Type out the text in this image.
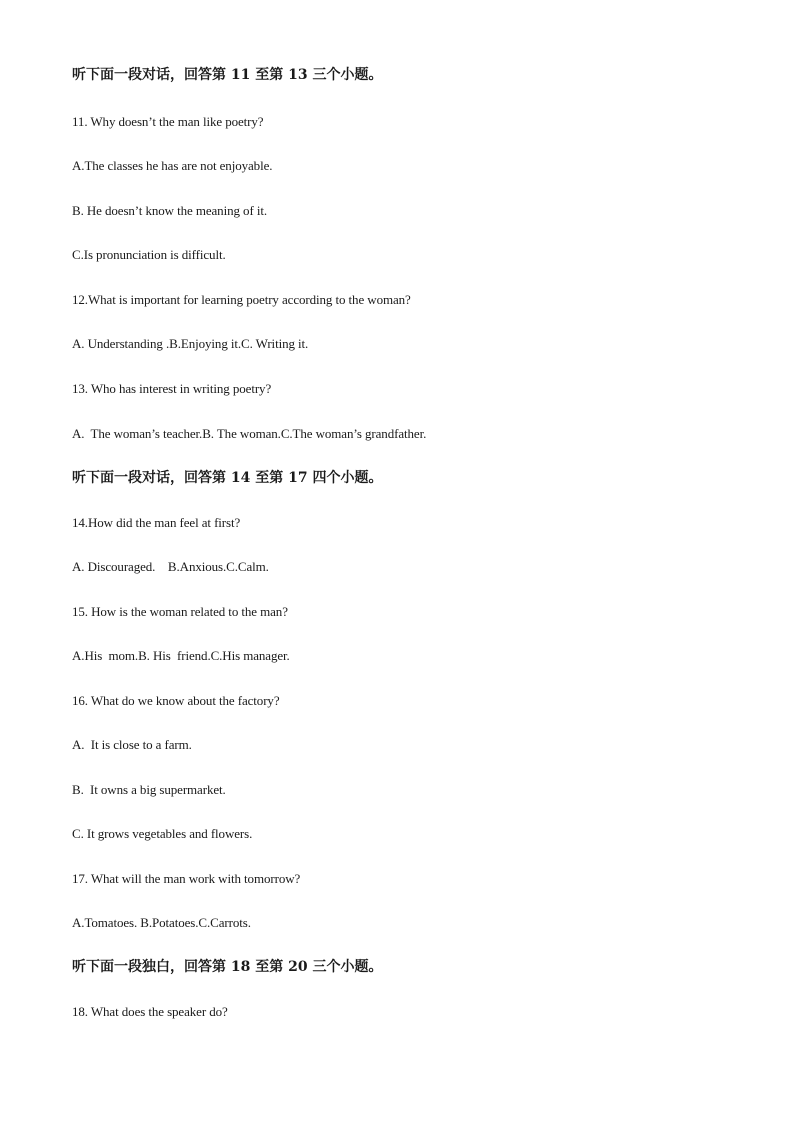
听下面一段对话，回答第 11 至第 13 三个小题。
11. Why doesn’t the man like poetry?
A.The classes he has are not enjoyable.
B. He doesn’t know the meaning of it.
C.Is pronunciation is difficult.
12.What is important for learning poetry according to the woman?
A. Understanding .B.Enjoying it.C. Writing it.
13. Who has interest in writing poetry?
A.  The woman’s teacher.B. The woman.C.The woman’s grandfather.
听下面一段对话，回答第 14 至第 17 四个小题。
14.How did the man feel at first?
A. Discouraged.    B.Anxious.C.Calm.
15. How is the woman related to the man?
A.His  mom.B. His  friend.C.His manager.
16. What do we know about the factory?
A.  It is close to a farm.
B.  It owns a big supermarket.
C. It grows vegetables and flowers.
17. What will the man work with tomorrow?
A.Tomatoes. B.Potatoes.C.Carrots.
听下面一段独白，回答第 18 至第 20 三个小题。
18. What does the speaker do?
